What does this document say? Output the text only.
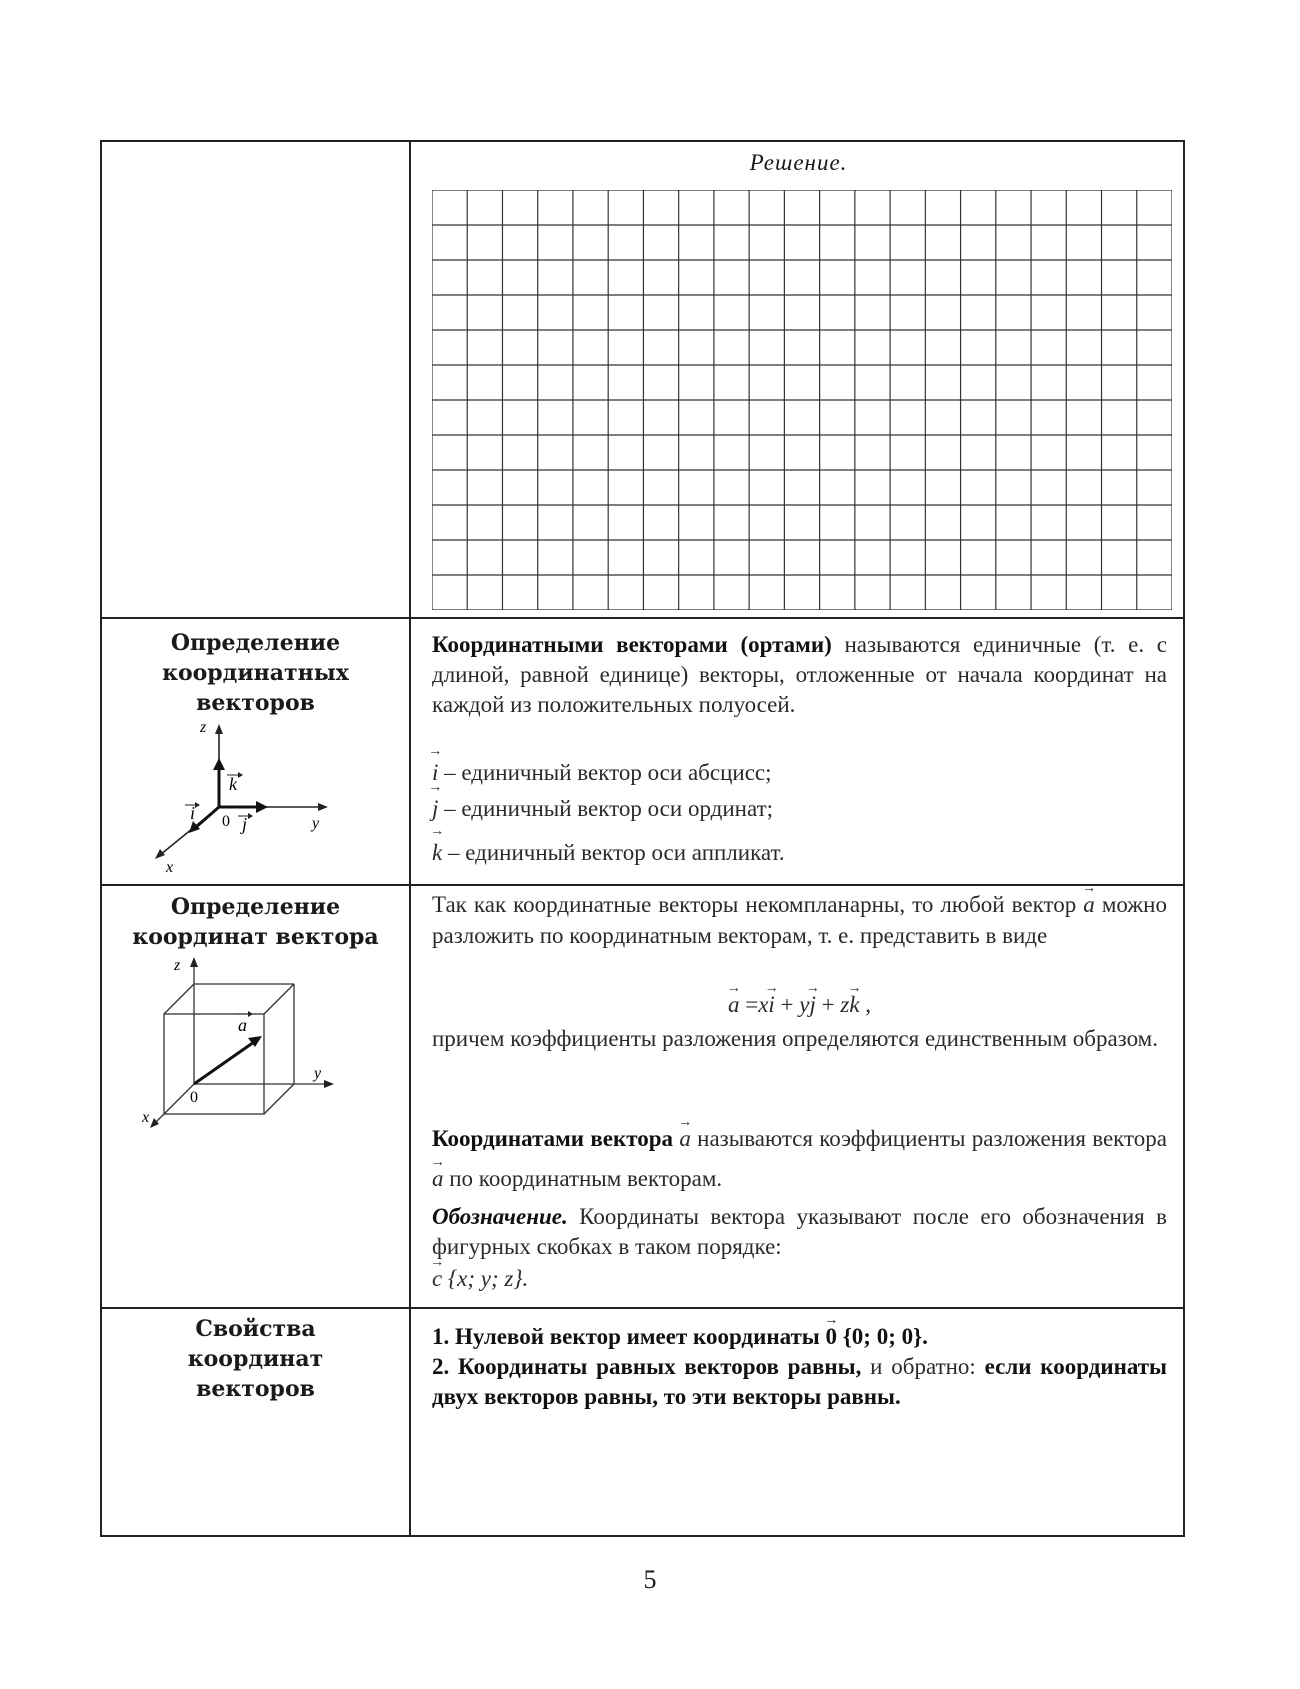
Решение.
Определение
координатных
векторов
z
y
x
0
k
j
i
Координатными векторами (ортами) называются единичные (т. е. с длиной, равной единице) векторы, отложенные от начала координат на каждой из положительных полуосей.
→ i – единичный вектор оси абсцисс;
→ j – единичный вектор оси ординат;
→ k – единичный вектор оси аппликат.
Определение
координат вектора
z
y
x
0
a
Так как координатные векторы некомпланарны, то любой вектор → a можно разложить по координатным векторам, т. е. представить в виде
→ a =x→ i + y→ j + z→ k ,
причем коэффициенты разложения определяются единственным образом.
Координатами вектора → a называются коэффициенты разложения вектора → a по координатным векторам.
Обозначение. Координаты вектора указывают после его обозначения в фигурных скобках в таком порядке:
→ c {x; y; z}.
Свойства
координат
векторов
1. Нулевой вектор имеет координаты → 0 {0; 0; 0}.
2. Координаты равных векторов равны, и обратно: если координаты двух векторов равны, то эти векторы равны.
5
